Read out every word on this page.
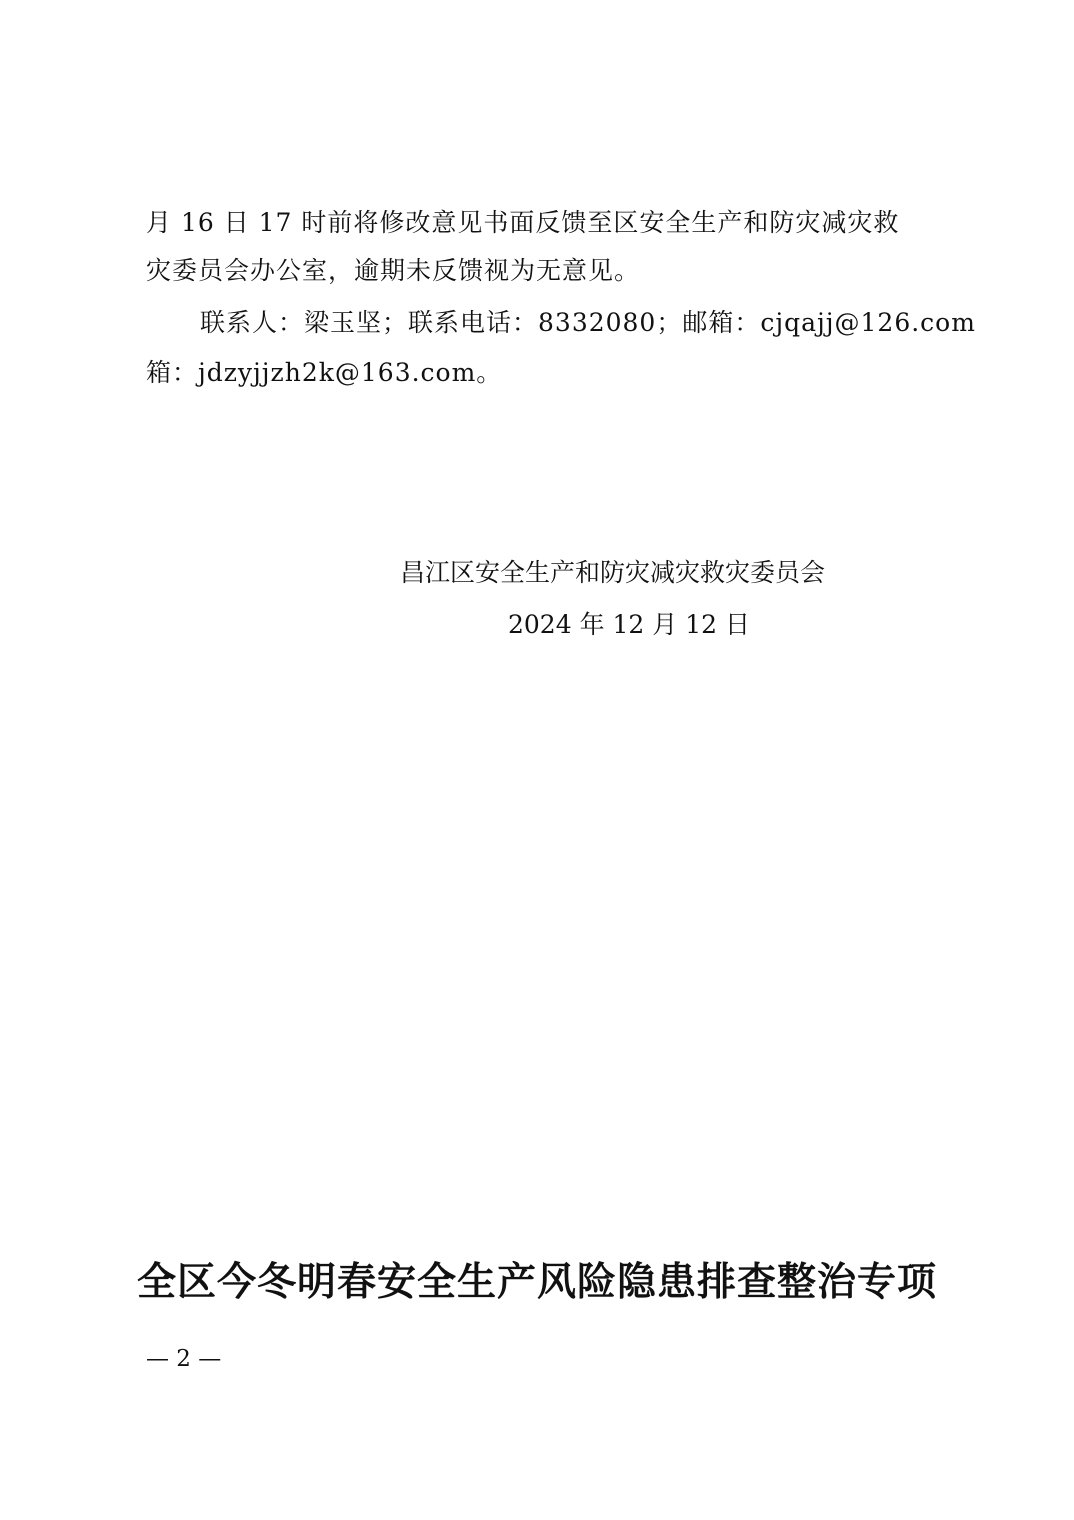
月 16 日 17 时前将修改意见书面反馈至区安全生产和防灾减灾救
灾委员会办公室，逾期未反馈视为无意见。
联系人：梁玉坚；联系电话：8332080；邮箱：cjqajj@126.com
箱：jdzyjjzh2k@163.com。
昌江区安全生产和防灾减灾救灾委员会
2024 年 12 月 12 日
全区今冬明春安全生产风险隐患排查整治专项
— 2 —
